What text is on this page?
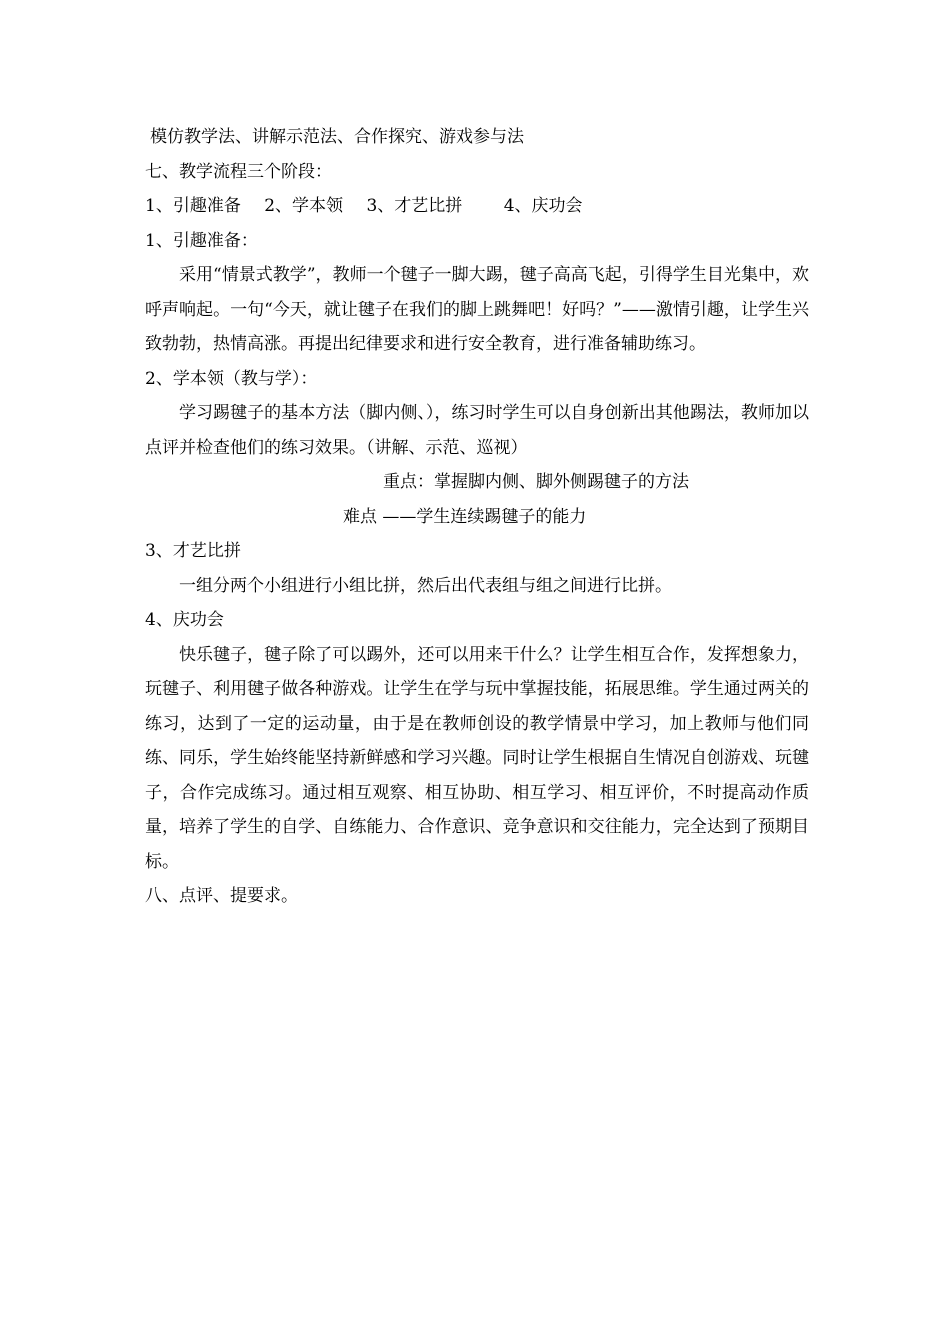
模仿教学法、讲解示范法、合作探究、游戏参与法

七、教学流程三个阶段：

1、引趣准备 2、学本领 3、才艺比拼 4、庆功会

1、引趣准备：

采用“情景式教学”，教师一个毽子一脚大踢，毽子高高飞起，引得学生目光集中，欢呼声响起。一句“今天，就让毽子在我们的脚上跳舞吧！好吗？”——激情引趣，让学生兴致勃勃，热情高涨。再提出纪律要求和进行安全教育，进行准备辅助练习。

2、学本领（教与学）：

学习踢毽子的基本方法（脚内侧、），练习时学生可以自身创新出其他踢法，教师加以点评并检查他们的练习效果。（讲解、示范、巡视）

重点：掌握脚内侧、脚外侧踢毽子的方法

难点 ——学生连续踢毽子的能力

3、才艺比拼

一组分两个小组进行小组比拼，然后出代表组与组之间进行比拼。

4、庆功会

快乐毽子，毽子除了可以踢外，还可以用来干什么？让学生相互合作，发挥想象力，玩毽子、利用毽子做各种游戏。让学生在学与玩中掌握技能，拓展思维。学生通过两关的练习，达到了一定的运动量，由于是在教师创设的教学情景中学习，加上教师与他们同练、同乐，学生始终能坚持新鲜感和学习兴趣。同时让学生根据自生情况自创游戏、玩毽子，合作完成练习。通过相互观察、相互协助、相互学习、相互评价，不时提高动作质量，培养了学生的自学、自练能力、合作意识、竞争意识和交往能力，完全达到了预期目标。

八、点评、提要求。
